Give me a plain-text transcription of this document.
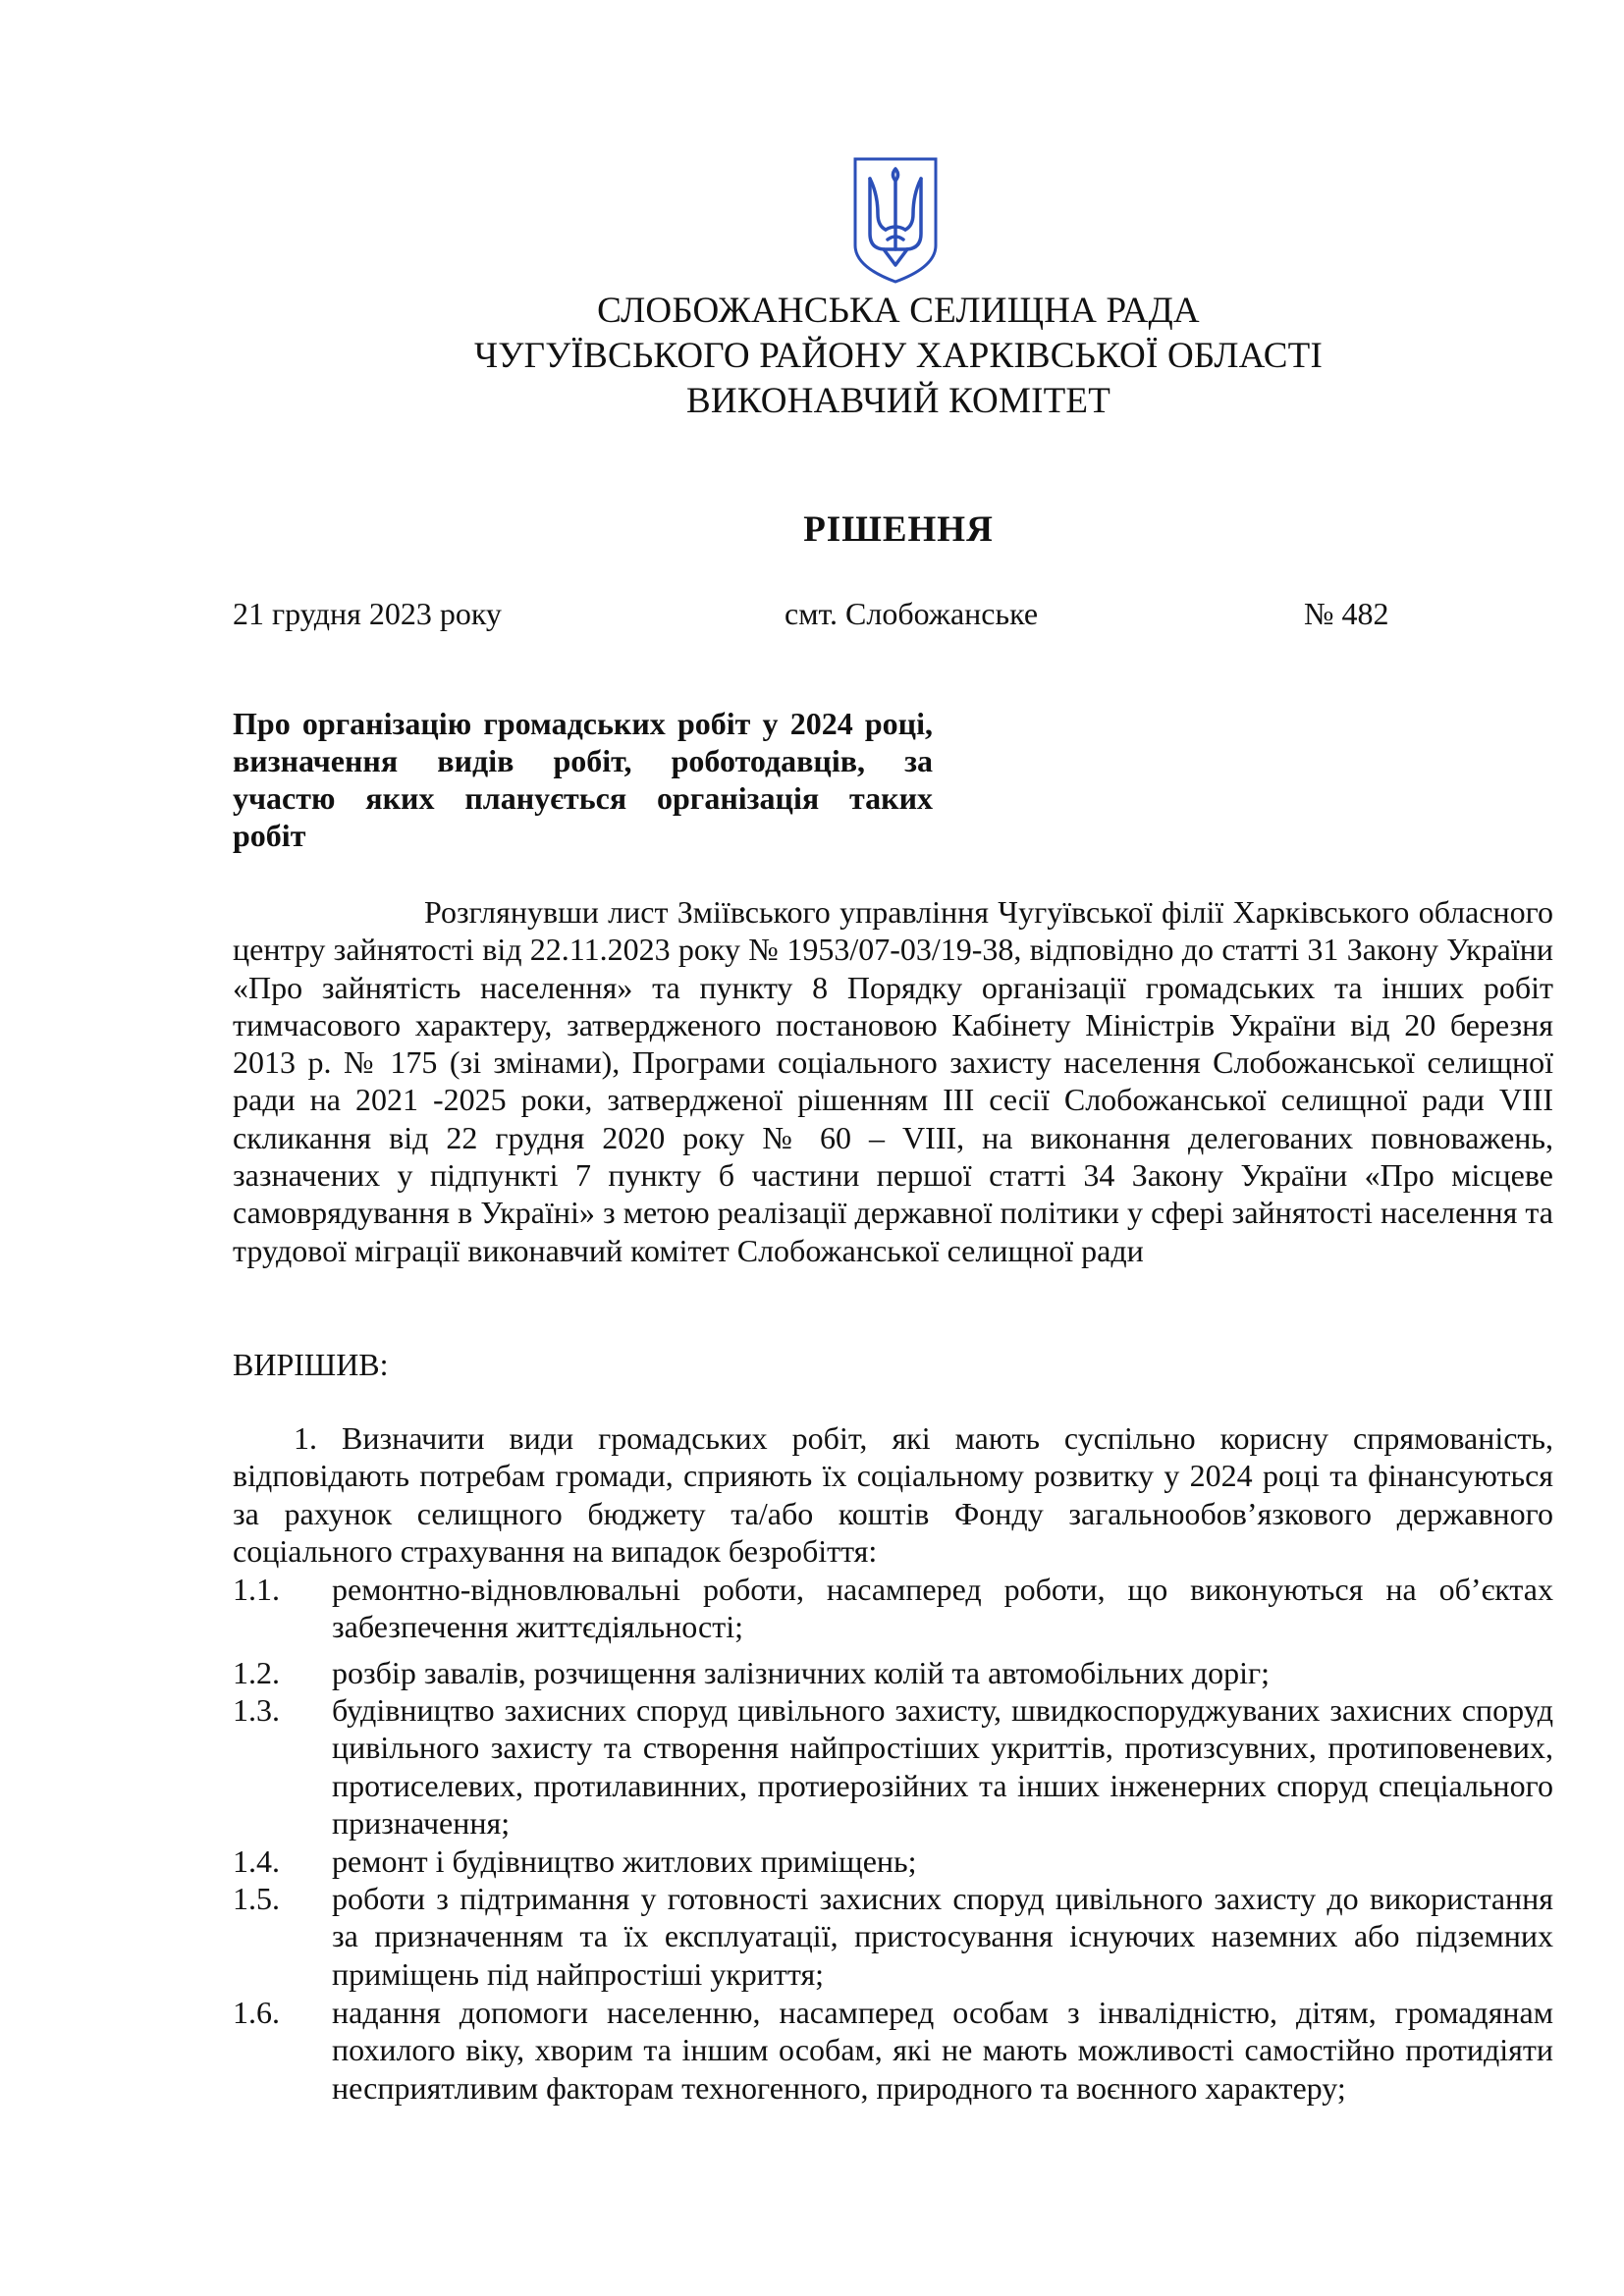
СЛОБОЖАНСЬКА СЕЛИЩНА РАДА
ЧУГУЇВСЬКОГО РАЙОНУ ХАРКІВСЬКОЇ ОБЛАСТІ
ВИКОНАВЧИЙ КОМІТЕТ
РІШЕННЯ
21 грудня 2023 року	смт. Слобожанське	№ 482
Про організацію громадських робіт у 2024 році,
визначення видів робіт, роботодавців, за
участю яких планується організація таких
робіт
Розглянувши лист Зміївського управління Чугуївської філії Харківського обласного центру зайнятості від 22.11.2023 року № 1953/07-03/19-38, відповідно до статті 31 Закону України «Про зайнятість населення» та пункту 8 Порядку організації громадських та інших робіт тимчасового характеру, затвердженого постановою Кабінету Міністрів України від 20 березня 2013 р. № 175 (зі змінами), Програми соціального захисту населення Слобожанської селищної ради на 2021 -2025 роки, затвердженої рішенням ІІІ сесії Слобожанської селищної ради VIII скликання від 22 грудня 2020 року № 60 – VIII, на виконання делегованих повноважень, зазначених у підпункті 7 пункту б частини першої статті 34 Закону України «Про місцеве самоврядування в Україні» з метою реалізації державної політики у сфері зайнятості населення та трудової міграції виконавчий комітет Слобожанської селищної ради
ВИРІШИВ:
1. Визначити види громадських робіт, які мають суспільно корисну спрямованість, відповідають потребам громади, сприяють їх соціальному розвитку у 2024 році та фінансуються за рахунок селищного бюджету та/або коштів Фонду загальнообов’язкового державного соціального страхування на випадок безробіття:
1.1. ремонтно-відновлювальні роботи, насамперед роботи, що виконуються на об’єктах забезпечення життєдіяльності;
1.2. розбір завалів, розчищення залізничних колій та автомобільних доріг;
1.3. будівництво захисних споруд цивільного захисту, швидкоспоруджуваних захисних споруд цивільного захисту та створення найпростіших укриттів, протизсувних, протиповеневих, протиселевих, протилавинних, протиерозійних та інших інженерних споруд спеціального призначення;
1.4. ремонт і будівництво житлових приміщень;
1.5. роботи з підтримання у готовності захисних споруд цивільного захисту до використання за призначенням та їх експлуатації, пристосування існуючих наземних або підземних приміщень під найпростіші укриття;
1.6. надання допомоги населенню, насамперед особам з інвалідністю, дітям, громадянам похилого віку, хворим та іншим особам, які не мають можливості самостійно протидіяти несприятливим факторам техногенного, природного та воєнного характеру;
